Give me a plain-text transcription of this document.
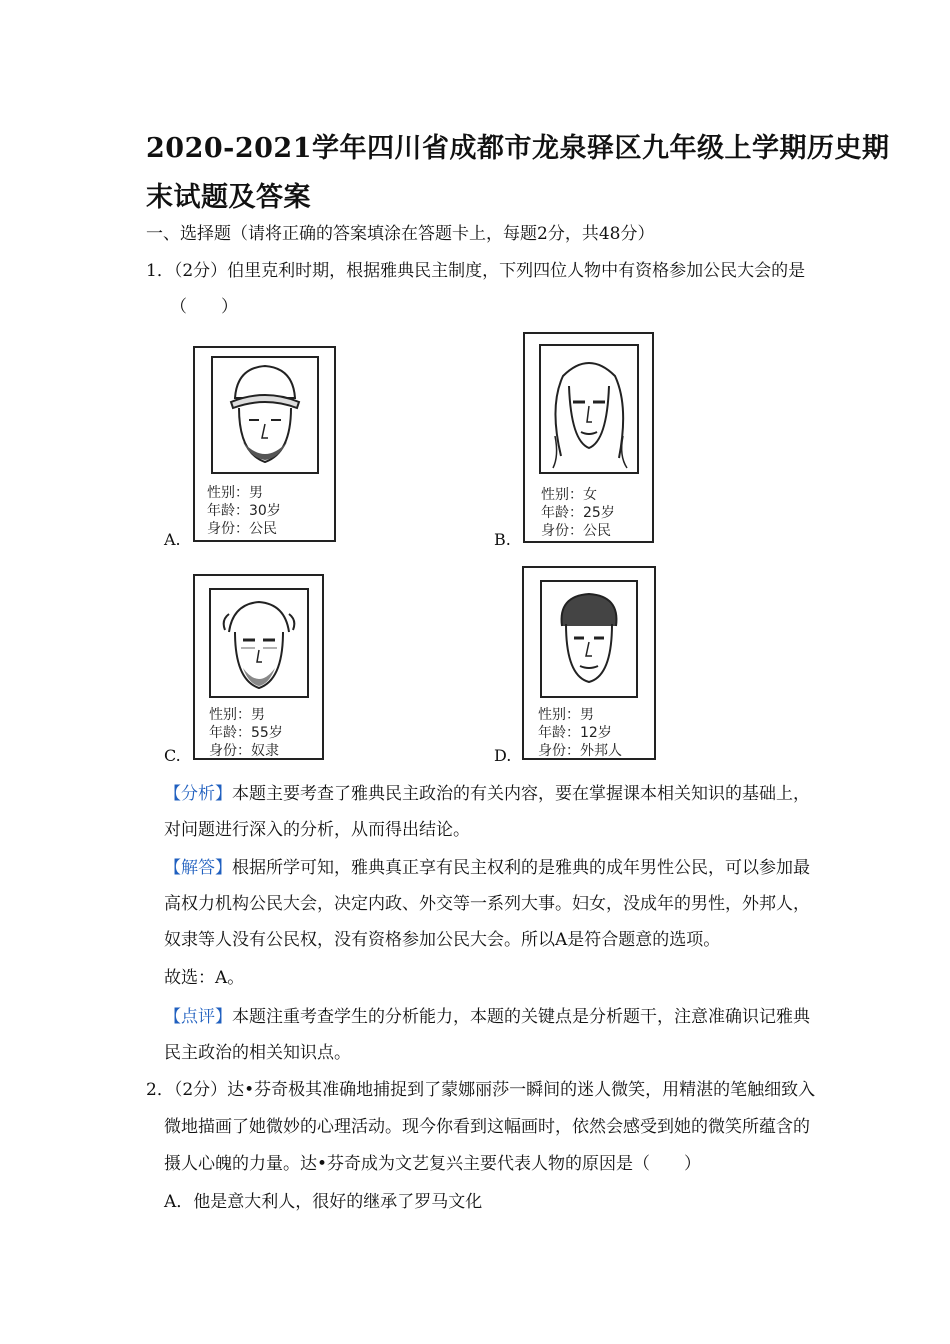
2020-2021学年四川省成都市龙泉驿区九年级上学期历史期
末试题及答案
一、选择题（请将正确的答案填涂在答题卡上，每题2分，共48分）
1．（2分）伯里克利时期，根据雅典民主制度，下列四位人物中有资格参加公民大会的是
（　　）
性别：男
年龄：30岁
身份：公民
A.
性别：女
年龄：25岁
身份：公民
B.
性别：男
年龄：55岁
身份：奴隶
C.
性别：男
年龄：12岁
身份：外邦人
D.
【分析】本题主要考查了雅典民主政治的有关内容，要在掌握课本相关知识的基础上，
对问题进行深入的分析，从而得出结论。
【解答】根据所学可知，雅典真正享有民主权利的是雅典的成年男性公民，可以参加最
高权力机构公民大会，决定内政、外交等一系列大事。妇女，没成年的男性，外邦人，
奴隶等人没有公民权，没有资格参加公民大会。所以A是符合题意的选项。
故选：A。
【点评】本题注重考查学生的分析能力，本题的关键点是分析题干，注意准确识记雅典
民主政治的相关知识点。
2．（2分）达•芬奇极其准确地捕捉到了蒙娜丽莎一瞬间的迷人微笑，用精湛的笔触细致入
微地描画了她微妙的心理活动。现今你看到这幅画时，依然会感受到她的微笑所蕴含的
摄人心魄的力量。达•芬奇成为文艺复兴主要代表人物的原因是（　　）
A．他是意大利人，很好的继承了罗马文化
